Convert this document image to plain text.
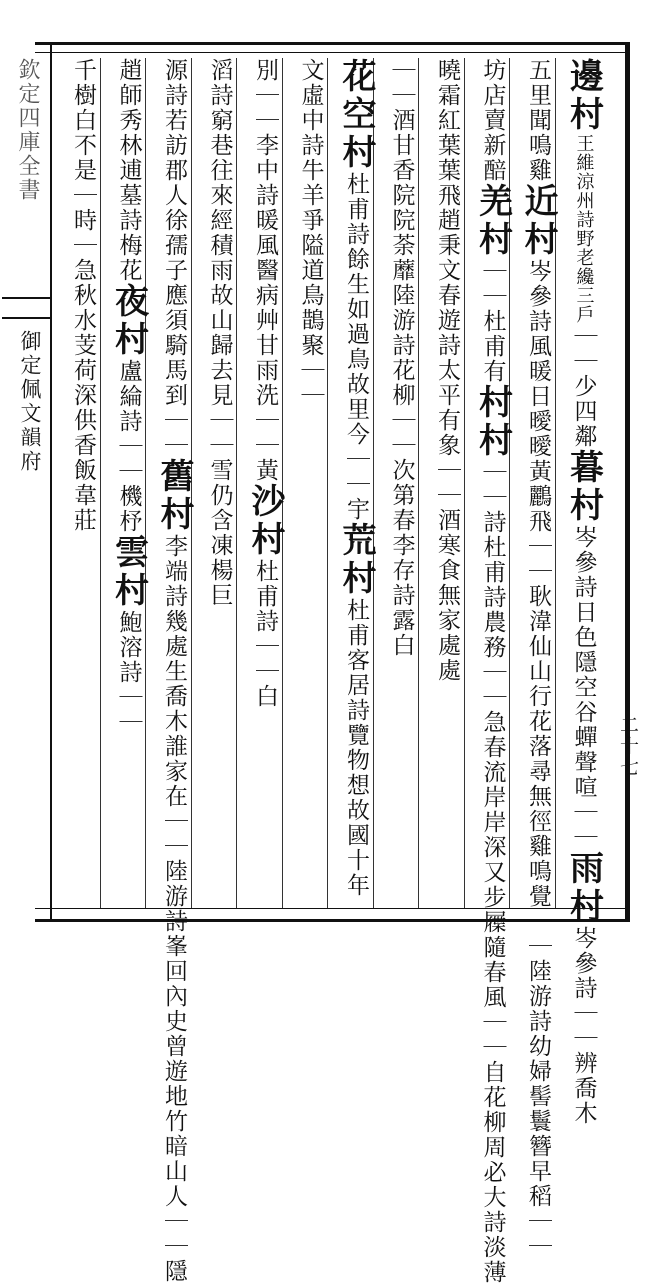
欽定四庫全書
御定佩文韻府
邊村王維涼州詩野老纔三戶｜｜少四鄰暮村岑參詩日色隱空谷蟬聲喧｜｜雨村岑參詩｜｜辨喬木
五里聞鳴雞近村岑參詩風暖日曖曖黃鸝飛｜｜耿湋仙山行花落尋無徑雞鳴覺｜｜陸游詩幼婦髻鬟簪早稻｜｜
坊店賣新醅羌村｜｜杜甫有村村｜｜詩杜甫詩農務｜｜急春流岸岸深又步屧隨春風｜｜自花柳周必大詩淡薄
曉霜紅葉葉飛趙秉文春遊詩太平有象｜｜酒寒食無家處處
｜｜酒甘香院院荼蘼陸游詩花柳｜｜次第春李存詩露白
花空村杜甫詩餘生如過鳥故里今｜｜宇荒村杜甫客居詩覽物想故國十年
文虛中詩牛羊爭隘道鳥鵲聚｜｜
別｜｜李中詩暖風醫病艸甘雨洗｜｜黃沙村杜甫詩｜｜白
滔詩窮巷往來經積雨故山歸去見｜｜雪仍含凍楊巨
源詩若訪郡人徐孺子應須騎馬到｜｜舊村李端詩幾處生喬木誰家在｜｜陸游詩峯回內史曾遊地竹暗山人｜｜隱
趙師秀林逋墓詩梅花夜村盧綸詩｜｜機杼雲村鮑溶詩｜｜
千樹白不是｜時｜急秋水芰荷深供香飯韋莊
二十七
